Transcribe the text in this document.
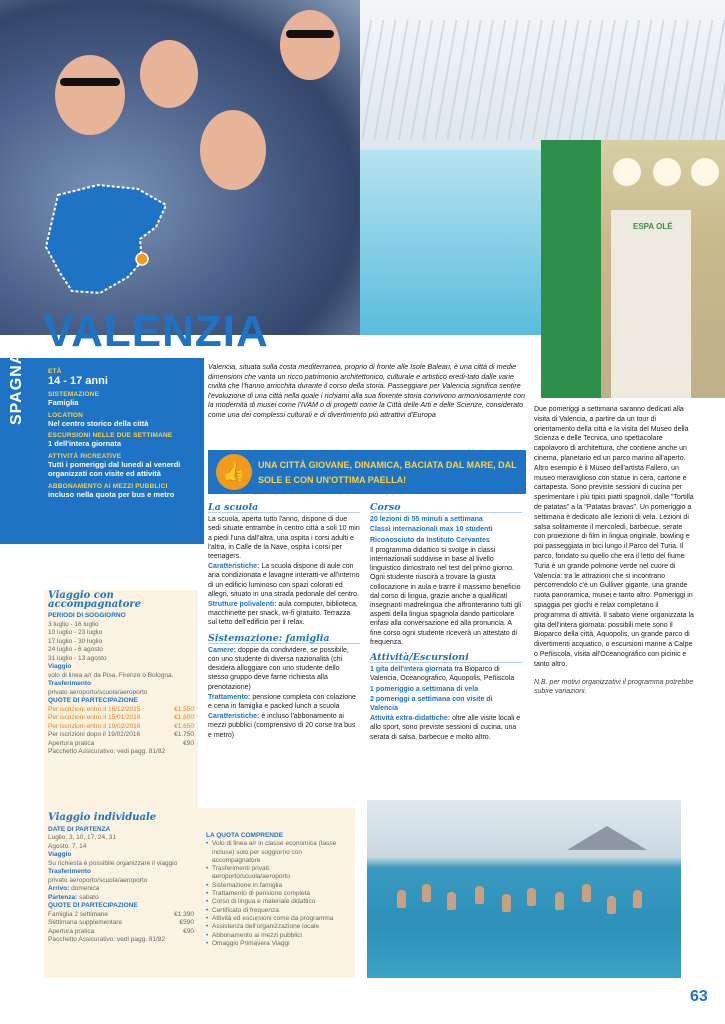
ESPA OLÉ
VALENZIA
SPAGNA	ETÀ
14 - 17 anni
SISTEMAZIONE
Famiglia
LOCATION
Nel centro storico della città
ESCURSIONI NELLE DUE SETTIMANE
1 dell'intera giornata
ATTIVITÀ RICREATIVE
Tutti i pomeriggi dal lunedì al venerdì organizzati con visite ed attività
ABBONAMENTO AI MEZZI PUBBLICI
incluso nella quota per bus e metro
Valencia, situata sulla costa mediterranea, proprio di fronte alle Isole Baleari, è una città di medie dimensioni che vanta un ricco patrimonio architettonico, culturale e artistico eredi-tato dalle varie civiltà che l'hanno arricchita durante il corso della storia. Passeggiare per Valencia significa sentire l'evoluzione di una città nella quale i richiami alla sua fiorente storia convivono armoniosamente con la modernità di musei come l'IVAM o di progetti come la Città delle Arti e delle Scienze, considerato come una dei complessi culturali e di divertimento più attrattivi d'Europa
👍	UNA CITTÀ GIOVANE, DINAMICA, BACIATA DAL MARE, DAL SOLE E CON UN'OTTIMA PAELLA!
La scuola

La scuola, aperta tutto l'anno, dispone di due sedi situate entrambe in centro città a soli 10 min a piedi l'una dall'altra, una ospita i corsi adulti e l'altra, in Calle de la Nave, ospita i corsi per teenagers.

Caratteristiche: La scuola dispone di aule con aria condizionata e lavagne interatti-ve all'interno di un edificio luminoso con spazi colorati ed allegri, situato in una strada pedonale del centro.

Strutture polivalenti: aula computer, biblioteca, macchinette per snack, wi-fi gratuito. Terrazza sul tetto dell'edificio per il relax.

Sistemazione: famiglia

Camere: doppie da condividere, se possibile, con uno studente di diversa nazionalità (chi desidera alloggiare con uno studente dello stesso gruppo deve farne richiesta alla prenotazione)

Trattamento: pensione completa con colazione e cena in famiglia e packed lunch a scuola

Caratteristiche: è incluso l'abbonamento ai mezzi pubblici (comprensivo di 20 corse tra bus e metro)

Corso

20 lezioni di 55 minuti a settimana

Classi internazionali max 10 studenti

Riconosciuto da Instituto Cervantes

Il programma didattico si svolge in classi internazionali suddivise in base al livello linguistico dimostrato nel test del primo giorno. Ogni studente riuscirà a trovare la giusta collocazione in aula e trarre il massimo beneficio dal corso di lingua, grazie anche a qualificati insegnanti madrelingua che affronteranno tutti gli aspetti della lingua spagnola dando particolare enfasi alla conversazione ed alla pronuncia. A fine corso ogni studente riceverà un attestato di frequenza.

Attività/Escursioni

1 gita dell'intera giornata tra Bioparco di Valencia, Oceanografico, Aquopolis, Peñiscola

1 pomeriggio a settimana di vela

2 pomeriggi a settimana con visite di Valencia

Attività extra-didattiche: oltre alle visite locali e allo sport, sono previste sessioni di cucina, una serata di salsa, barbecue e molto altro.

Due pomeriggi a settimana saranno dedicati alla visita di Valencia, a partire da un tour di orientamento della città e la visita del Museo della Scienza e delle Tecnica, uno spettacolare capolavoro di architettura, che contiene anche un cinema, planetario ed un parco marino all'aperto. Altro esempio è il Museo dell'artista Fallero, un museo meraviglioso con statue in cera, cartone e cartapesta. Sono previste sessioni di cucina per sperimentare i più tipici piatti spagnoli, dalle "Tortilla de patatas" a la "Patatas bravas". Un pomeriggio a settimana è dedicato alle lezioni di vela. Lezioni di salsa solitamente il mercoledì, barbecue, serate con proiezione di film in lingua originale, bowling e poi passeggiata in bici lungo il Parco del Turia. Il parco, fondato su quello che era il letto del fiume Turia è un grande polmone verde nel cuore di Valencia: tra le attrazioni che si incontrano percorrendolo c'è un Gulliver gigante, una grande ruota panoramica, musei e tanto altro. Pomeriggi in spiaggia per giochi e relax completano il programma di attività. Il sabato viene organizzata la gita dell'intera giornata: possibili mete sono il Bioparco della città, Aquopolis, un grande parco di divertimenti acquatico, o escursioni marine a Calpe o Peñiscola, visita all'Oceanografico con picinic e tanto altro.

N.B. per motivi organizzativi il programma potrebbe subire variazioni.

Viaggio con accompagnatore
PERIODI DI SOGGIORNO
3 luglio - 16 luglio
10 luglio - 23 luglio
17 luglio - 30 luglio
24 luglio - 6 agosto
31 luglio - 13 agosto
Viaggio
volo di linea a/r da Pisa, Firenze o Bologna.
Trasferimento
privato aeroporto/scuola/aeroporto
QUOTE DI PARTECIPAZIONE
Per iscrizioni entro il 16/12/2015	€1.550
Per iscrizioni entro il 15/01/2016	€1.600
Per iscrizioni entro il 19/02/2016	€1.650
Per iscrizioni dopo il 19/02/2016	€1.750
Apertura pratica	€90
Pacchetto Assicurativo: vedi pagg. 81/82
Viaggio individuale
DATE DI PARTENZA
Luglio: 3, 10, 17, 24, 31
Agosto: 7, 14
Viaggio
Su richiesta è possibile organizzare il viaggio
Trasferimento
privato aeroporto/scuola/aeroporto
Arrivo: domenica
Partenza: sabato
QUOTE DI PARTECIPAZIONE
Famiglia 2 settimane	€1.390
Settimana supplementare	€590
Apertura pratica	€90
Pacchetto Assicurativo: vedi pagg. 81/82
LA QUOTA COMPRENDE
• Volo di linea a/r in classe economica (tasse incluse) solo per soggiorno con accompagnatore
• Trasferimenti privati: aeroporto/scuola/aeroporto
• Sistemazione in famiglia
• Trattamento di pensione completa
• Corso di lingua e materiale didattico
• Certificato di frequenza
• Attività ed escursioni come da programma
• Assistenza dell'organizzazione locale
• Abbonamento ai mezzi pubblici
• Omaggio Primavera Viaggi
63
